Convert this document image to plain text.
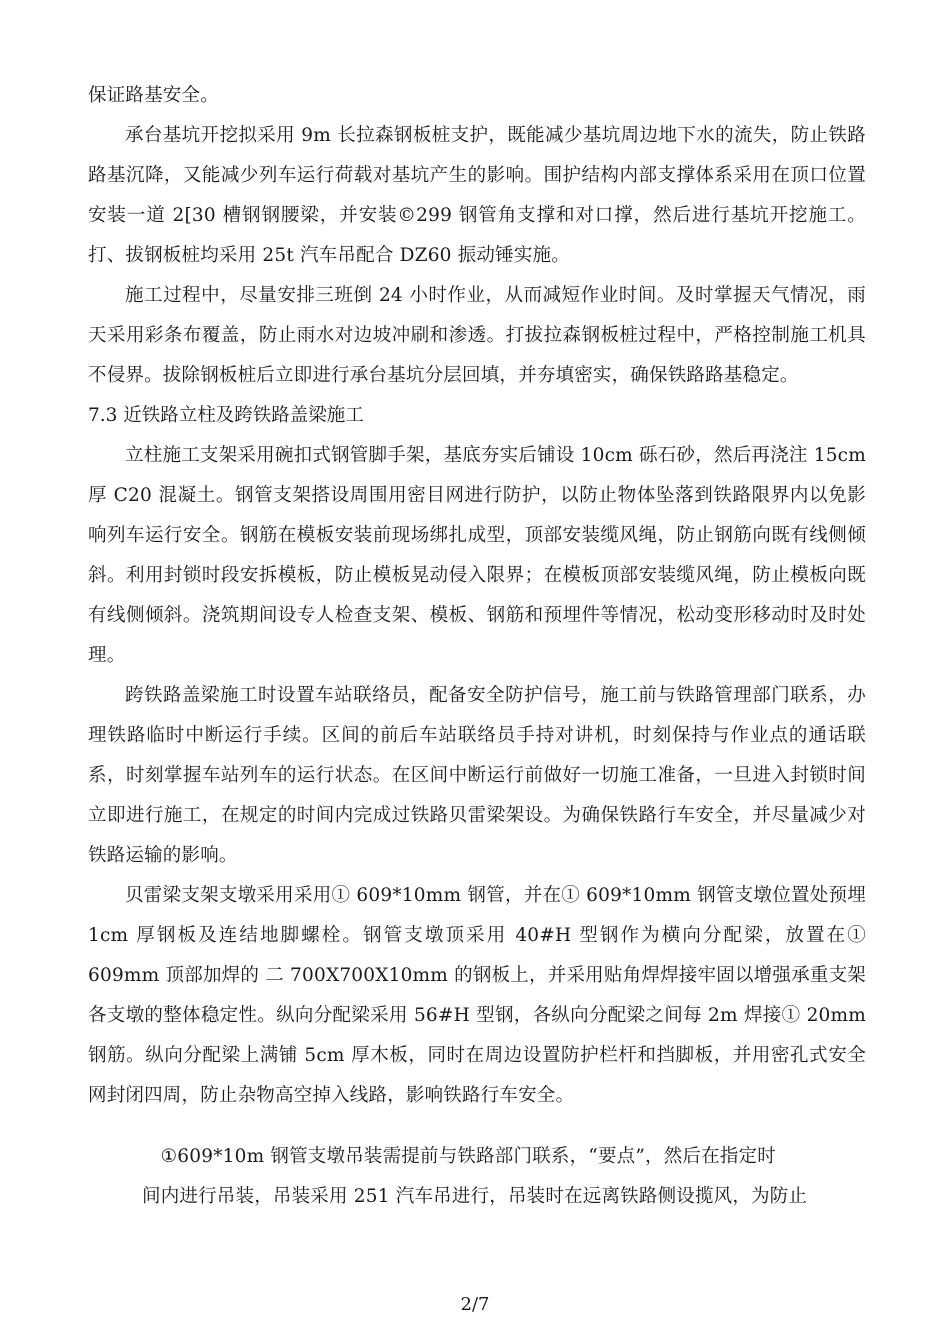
保证路基安全。

承台基坑开挖拟采用 9m 长拉森钢板桩支护，既能减少基坑周边地下水的流失，防止铁路路基沉降，又能减少列车运行荷载对基坑产生的影响。围护结构内部支撑体系采用在顶口位置安装一道 2[30 槽钢钢腰梁，并安装©299 钢管角支撑和对口撑，然后进行基坑开挖施工。打、拔钢板桩均采用 25t 汽车吊配合 DZ60 振动锤实施。

施工过程中，尽量安排三班倒 24 小时作业，从而减短作业时间。及时掌握天气情况，雨天采用彩条布覆盖，防止雨水对边坡冲刷和渗透。打拔拉森钢板桩过程中，严格控制施工机具不侵界。拔除钢板桩后立即进行承台基坑分层回填，并夯填密实，确保铁路路基稳定。

7.3 近铁路立柱及跨铁路盖梁施工

立柱施工支架采用碗扣式钢管脚手架，基底夯实后铺设 10cm 砾石砂，然后再浇注 15cm 厚 C20 混凝土。钢管支架搭设周围用密目网进行防护，以防止物体坠落到铁路限界内以免影响列车运行安全。钢筋在模板安装前现场绑扎成型，顶部安装缆风绳，防止钢筋向既有线侧倾斜。利用封锁时段安拆模板，防止模板晃动侵入限界；在模板顶部安装缆风绳，防止模板向既有线侧倾斜。浇筑期间设专人检查支架、模板、钢筋和预埋件等情况，松动变形移动时及时处理。

跨铁路盖梁施工时设置车站联络员，配备安全防护信号，施工前与铁路管理部门联系，办理铁路临时中断运行手续。区间的前后车站联络员手持对讲机，时刻保持与作业点的通话联系，时刻掌握车站列车的运行状态。在区间中断运行前做好一切施工准备，一旦进入封锁时间立即进行施工，在规定的时间内完成过铁路贝雷梁架设。为确保铁路行车安全，并尽量减少对铁路运输的影响。

贝雷梁支架支墩采用采用① 609*10mm 钢管，并在① 609*10mm 钢管支墩位置处预埋 1cm 厚钢板及连结地脚螺栓。钢管支墩顶采用 40#H 型钢作为横向分配梁，放置在① 609mm 顶部加焊的 二 700X700X10mm 的钢板上，并采用贴角焊焊接牢固以增强承重支架各支墩的整体稳定性。纵向分配梁采用 56#H 型钢，各纵向分配梁之间每 2m 焊接① 20mm 钢筋。纵向分配梁上满铺 5cm 厚木板，同时在周边设置防护栏杆和挡脚板，并用密孔式安全网封闭四周，防止杂物高空掉入线路，影响铁路行车安全。

①609*10m 钢管支墩吊装需提前与铁路部门联系，“要点”，然后在指定时

间内进行吊装，吊装采用 251 汽车吊进行，吊装时在远离铁路侧设揽风，为防止

2/7
